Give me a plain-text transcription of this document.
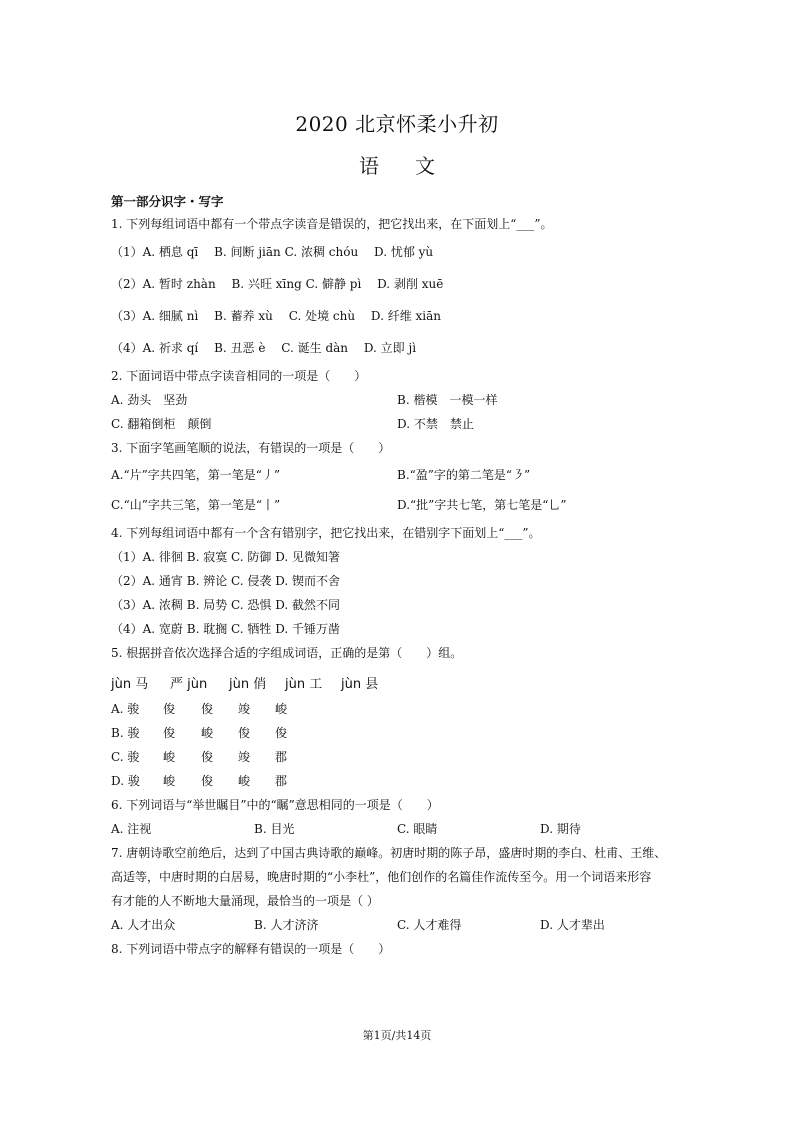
2020 北京怀柔小升初
语文
第一部分识字・写字
1. 下列每组词语中都有一个带点字读音是错误的，把它找出来，在下面划上“___”。
（1）A. 栖息 qī　 B. 间断 jiān C. 浓稠 chóu　 D. 忧郁 yù
（2）A. 暂时 zhàn　 B. 兴旺 xīng C. 僻静 pì　 D. 剥削 xuē
（3）A. 细腻 nì　 B. 蓄养 xù　 C. 处境 chù　 D. 纤维 xiān
（4）A. 祈求 qí　 B. 丑恶 è　 C. 诞生 dàn　 D. 立即 jì
2. 下面词语中带点字读音相同的一项是（　　）
A. 劲头　坚劲	B. 楷模　一模一样
C. 翻箱倒柜　颠倒	D. 不禁　禁止
3. 下面字笔画笔顺的说法，有错误的一项是（　　）
A.“片”字共四笔，第一笔是“丿”	B.“盈”字的第二笔是“㇋”
C.“山”字共三笔，第一笔是“丨”	D.“批”字共七笔，第七笔是“乚”
4. 下列每组词语中都有一个含有错别字，把它找出来，在错别字下面划上“___”。
（1）A. 徘徊 B. 寂寞 C. 防御 D. 见微知箸
（2）A. 通宵 B. 辨论 C. 侵袭 D. 锲而不舍
（3）A. 浓稠 B. 局势 C. 恐惧 D. 截然不同
（4）A. 宽蔚 B. 耽搁 C. 牺牲 D. 千锤万凿
5. 根据拼音依次选择合适的字组成词语，正确的是第（　　）组。
jùn 马 严 jùn jùn 俏 jùn 工 jùn 县
A. 骏 俊 俊 竣 峻
B. 骏 俊 峻 俊 俊
C. 骏 峻 俊 竣 郡
D. 骏 峻 俊 峻 郡
6. 下列词语与“举世瞩目”中的“瞩”意思相同的一项是（　　）
A. 注视	B. 目光	C. 眼睛	D. 期待
7. 唐朝诗歌空前绝后，达到了中国古典诗歌的巅峰。初唐时期的陈子昂，盛唐时期的李白、杜甫、王维、
高适等，中唐时期的白居易，晚唐时期的“小李杜”，他们创作的名篇佳作流传至今。用一个词语来形容
有才能的人不断地大量涌现，最恰当的一项是（ ）
A. 人才出众	B. 人才济济	C. 人才难得	D. 人才辈出
8. 下列词语中带点字的解释有错误的一项是（　　）
第1页/共14页
